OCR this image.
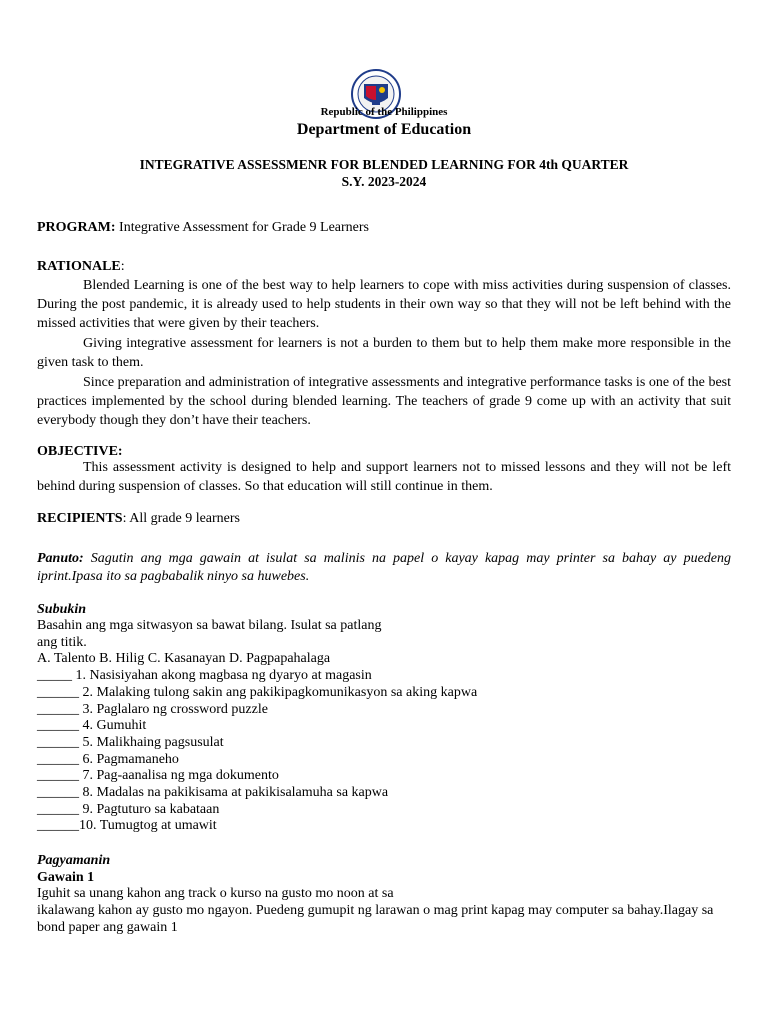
Republic of the Philippines
Department of Education
INTEGRATIVE ASSESSMENR FOR BLENDED LEARNING FOR 4th QUARTER
S.Y. 2023-2024
PROGRAM: Integrative Assessment for Grade 9 Learners
RATIONALE:
Blended Learning is one of the best way to help learners to cope with miss activities during suspension of classes. During the post pandemic, it is already used to help students in their own way so that they will not be left behind with the missed activities that were given by their teachers.
Giving integrative assessment for learners is not a burden to them but to help them make more responsible in the given task to them.
Since preparation and administration of integrative assessments and integrative performance tasks is one of the best practices implemented by the school during blended learning. The teachers of grade 9 come up with an activity that suit everybody though they don’t have their teachers.
OBJECTIVE:
This assessment activity is designed to help and support learners not to missed lessons and they will not be left behind during suspension of classes. So that education will still continue in them.
RECIPIENTS: All grade 9 learners
Panuto: Sagutin ang mga gawain at isulat sa malinis na papel o kayay kapag may printer sa bahay ay puedeng iprint.Ipasa ito sa pagbabalik ninyo sa huwebes.
Subukin
Basahin ang mga sitwasyon sa bawat bilang. Isulat sa patlang
ang titik.
A. Talento B. Hilig C. Kasanayan D. Pagpapahalaga
_____ 1. Nasisiyahan akong magbasa ng dyaryo at magasin
______ 2. Malaking tulong sakin ang pakikipagkomunikasyon sa aking kapwa
______ 3. Paglalaro ng crossword puzzle
______ 4. Gumuhit
______ 5. Malikhaing pagsusulat
______ 6. Pagmamaneho
______ 7. Pag-aanalisa ng mga dokumento
______ 8. Madalas na pakikisama at pakikisalamuha sa kapwa
______ 9. Pagtuturo sa kabataan
______10. Tumugtog at umawit
Pagyamanin
Gawain 1
Iguhit sa unang kahon ang track o kurso na gusto mo noon at sa
ikalawang kahon ay gusto mo ngayon. Puedeng gumupit ng larawan o mag print kapag may computer sa bahay.Ilagay sa bond paper ang gawain 1
